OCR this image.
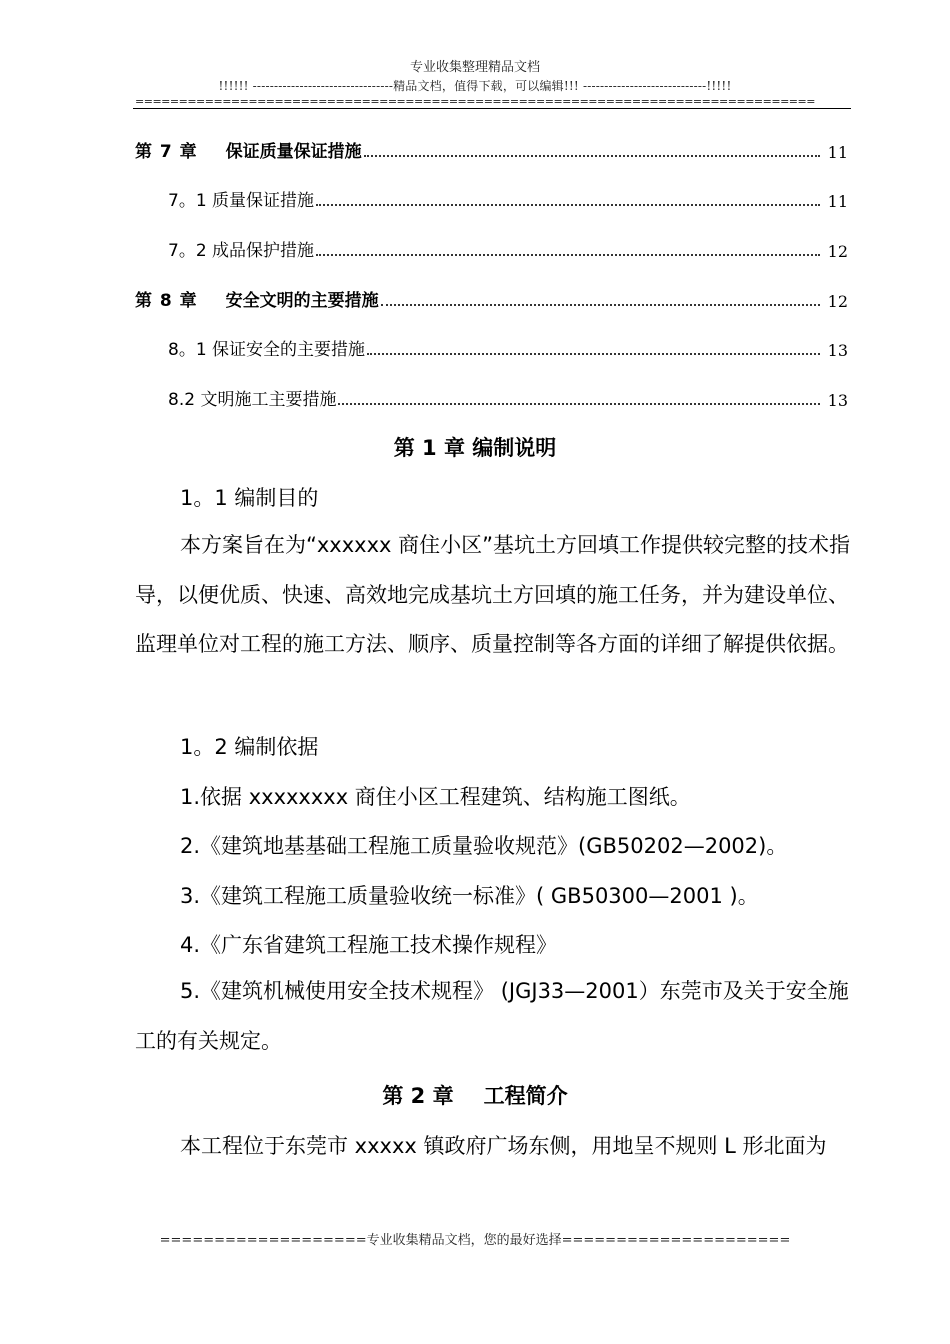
专业收集整理精品文档
!!!!!! ---------------------------------精品文档，值得下载，可以编辑!!! -----------------------------!!!!!
==============================================================================
第 7 章 保证质量保证措施	11
7。1 质量保证措施	11
7。2 成品保护措施	12
第 8 章 安全文明的主要措施	12
8。1 保证安全的主要措施	13
8.2 文明施工主要措施	13
第 1 章 编制说明
1。1 编制目的
本方案旨在为“xxxxxx 商住小区”基坑土方回填工作提供较完整的技术指导，以便优质、快速、高效地完成基坑土方回填的施工任务，并为建设单位、监理单位对工程的施工方法、顺序、质量控制等各方面的详细了解提供依据。
1。2 编制依据
1.依据 xxxxxxxx 商住小区工程建筑、结构施工图纸。
2.《建筑地基基础工程施工质量验收规范》(GB50202—2002)。
3.《建筑工程施工质量验收统一标准》( GB50300—2001 )。
4.《广东省建筑工程施工技术操作规程》
5.《建筑机械使用安全技术规程》 (JGJ33—2001）东莞市及关于安全施工的有关规定。
第 2 章 工程简介
本工程位于东莞市 xxxxx 镇政府广场东侧，用地呈不规则 L 形北面为
===================专业收集精品文档，您的最好选择=====================
